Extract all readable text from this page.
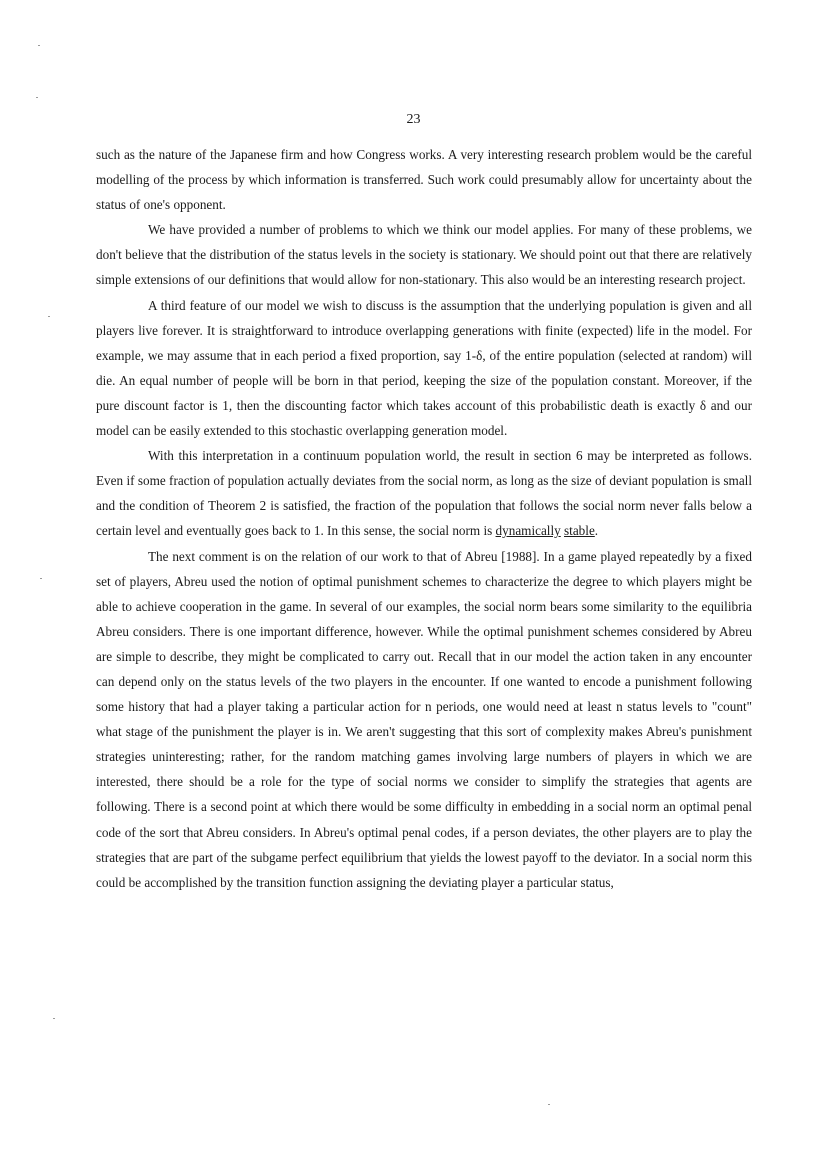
23

such as the nature of the Japanese firm and how Congress works. A very interesting research problem would be the careful modelling of the process by which information is transferred. Such work could presumably allow for uncertainty about the status of one's opponent.

We have provided a number of problems to which we think our model applies. For many of these problems, we don't believe that the distribution of the status levels in the society is stationary. We should point out that there are relatively simple extensions of our definitions that would allow for non-stationary. This also would be an interesting research project.

A third feature of our model we wish to discuss is the assumption that the underlying population is given and all players live forever. It is straightforward to introduce overlapping generations with finite (expected) life in the model. For example, we may assume that in each period a fixed proportion, say 1-δ, of the entire population (selected at random) will die. An equal number of people will be born in that period, keeping the size of the population constant. Moreover, if the pure discount factor is 1, then the discounting factor which takes account of this probabilistic death is exactly δ and our model can be easily extended to this stochastic overlapping generation model.

With this interpretation in a continuum population world, the result in section 6 may be interpreted as follows. Even if some fraction of population actually deviates from the social norm, as long as the size of deviant population is small and the condition of Theorem 2 is satisfied, the fraction of the population that follows the social norm never falls below a certain level and eventually goes back to 1. In this sense, the social norm is dynamically stable.

The next comment is on the relation of our work to that of Abreu [1988]. In a game played repeatedly by a fixed set of players, Abreu used the notion of optimal punishment schemes to characterize the degree to which players might be able to achieve cooperation in the game. In several of our examples, the social norm bears some similarity to the equilibria Abreu considers. There is one important difference, however. While the optimal punishment schemes considered by Abreu are simple to describe, they might be complicated to carry out. Recall that in our model the action taken in any encounter can depend only on the status levels of the two players in the encounter. If one wanted to encode a punishment following some history that had a player taking a particular action for n periods, one would need at least n status levels to "count" what stage of the punishment the player is in. We aren't suggesting that this sort of complexity makes Abreu's punishment strategies uninteresting; rather, for the random matching games involving large numbers of players in which we are interested, there should be a role for the type of social norms we consider to simplify the strategies that agents are following. There is a second point at which there would be some difficulty in embedding in a social norm an optimal penal code of the sort that Abreu considers. In Abreu's optimal penal codes, if a person deviates, the other players are to play the strategies that are part of the subgame perfect equilibrium that yields the lowest payoff to the deviator. In a social norm this could be accomplished by the transition function assigning the deviating player a particular status,
